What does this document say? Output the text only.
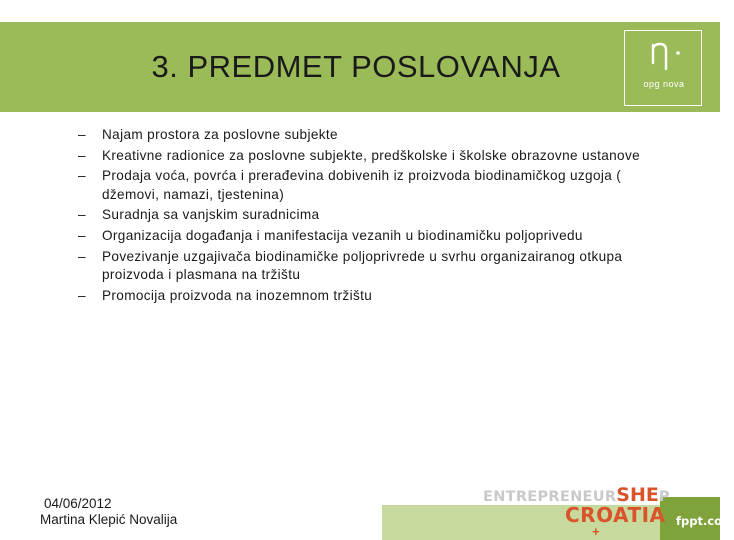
3. PREDMET POSLOVANJA	opg nova
– Najam prostora za poslovne subjekte
– Kreativne radionice za poslovne subjekte, predškolske i školske obrazovne ustanove
– Prodaja voća, povrća i prerađevina dobivenih iz proizvoda biodinamičkog uzgoja ( džemovi, namazi, tjestenina)
– Suradnja sa vanjskim suradnicima
– Organizacija događanja i manifestacija vezanih u biodinamičku poljoprivedu
– Povezivanje uzgajivača biodinamičke poljoprivrede u svrhu organizairanog otkupa proizvoda i plasmana na tržištu
– Promocija proizvoda na inozemnom tržištu
04/06/2012
Martina Klepić Novalija
ENTREPRENEURSHEP
CROATIA
+
fppt.com
